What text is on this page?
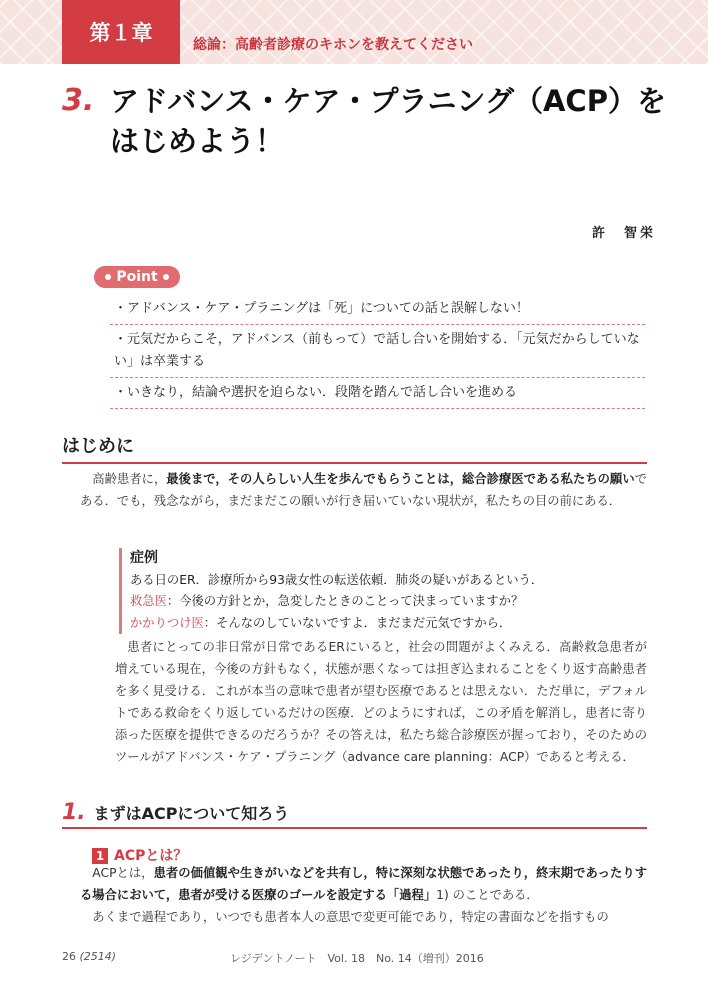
第１章	総論：高齢者診療のキホンを教えてください
3. アドバンス・ケア・プラニング（ACP）を
はじめよう！
許　智栄
Point
・アドバンス・ケア・プラニングは「死」についての話と誤解しない！
・元気だからこそ，アドバンス（前もって）で話し合いを開始する．「元気だからしていない」は卒業する
・いきなり，結論や選択を迫らない．段階を踏んで話し合いを進める
はじめに
高齢患者に，最後まで，その人らしい人生を歩んでもらうことは，総合診療医である私たちの願いである．でも，残念ながら，まだまだこの願いが行き届いていない現状が，私たちの目の前にある．
症例
ある日のER．診療所から93歳女性の転送依頼．肺炎の疑いがあるという．
救急医：今後の方針とか，急変したときのことって決まっていますか？
かかりつけ医：そんなのしていないですよ．まだまだ元気ですから．
患者にとっての非日常が日常であるERにいると，社会の問題がよくみえる．高齢救急患者が増えている現在，今後の方針もなく，状態が悪くなっては担ぎ込まれることをくり返す高齢患者を多く見受ける．これが本当の意味で患者が望む医療であるとは思えない．ただ単に，デフォルトである救命をくり返しているだけの医療．どのようにすれば，この矛盾を解消し，患者に寄り添った医療を提供できるのだろうか？その答えは，私たち総合診療医が握っており，そのためのツールがアドバンス・ケア・プラニング（advance care planning：ACP）であると考える．
1. まずはACPについて知ろう
1 ACPとは？
ACPとは，患者の価値観や生きがいなどを共有し，特に深刻な状態であったり，終末期であったりする場合において，患者が受ける医療のゴールを設定する「過程」1) のことである．
あくまで過程であり，いつでも患者本人の意思で変更可能であり，特定の書面などを指すもの
26 (2514)	レジデントノート　Vol. 18　No. 14（増刊）2016
